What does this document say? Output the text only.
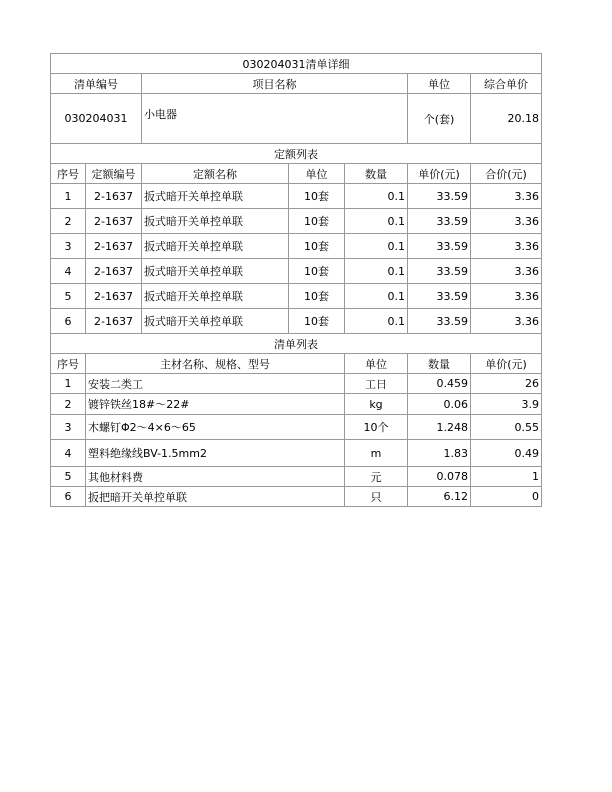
030204031清单详细							
清单编号		项目名称			单位	综合单价	
030204031		小电器			个(套)	20.18	
定额列表							
序号	定额编号	定额名称	单位	数量	单价(元)	合价(元)	
1	2-1637	扳式暗开关单控单联	10套	0.1	33.59	3.36	
2	2-1637	扳式暗开关单控单联	10套	0.1	33.59	3.36	
3	2-1637	扳式暗开关单控单联	10套	0.1	33.59	3.36	
4	2-1637	扳式暗开关单控单联	10套	0.1	33.59	3.36	
5	2-1637	扳式暗开关单控单联	10套	0.1	33.59	3.36	
6	2-1637	扳式暗开关单控单联	10套	0.1	33.59	3.36	
清单列表							
序号	主材名称、规格、型号			单位	数量	单价(元)	
1	安装二类工			工日	0.459	26	
2	镀锌铁丝18#～22#			kg	0.06	3.9	
3	木螺钉Φ2～4×6～65			10个	1.248	0.55	
4	塑料绝缘线BV-1.5mm2			m	1.83	0.49	
5	其他材料费			元	0.078	1	
6	扳把暗开关单控单联			只	6.12	0	
